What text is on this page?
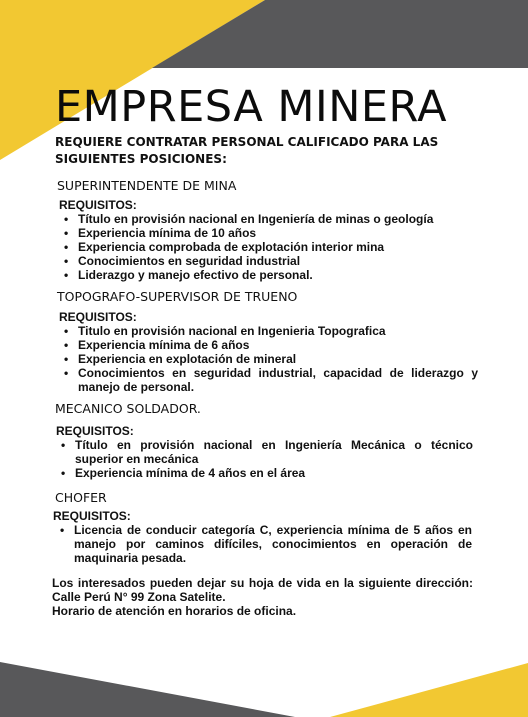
EMPRESA MINERA

REQUIERE CONTRATAR PERSONAL CALIFICADO PARA LAS SIGUIENTES POSICIONES:

SUPERINTENDENTE DE MINA
REQUISITOS:
• Título en provisión nacional en Ingeniería de minas o geología
• Experiencia mínima de 10 años
• Experiencia comprobada de explotación interior mina
• Conocimientos en seguridad industrial
• Liderazgo y manejo efectivo de personal.
TOPOGRAFO-SUPERVISOR DE TRUENO
REQUISITOS:
• Titulo en provisión nacional en Ingenieria Topografica
• Experiencia mínima de 6 años
• Experiencia en explotación de mineral
• Conocimientos en seguridad industrial, capacidad de liderazgo y manejo de personal.
MECANICO SOLDADOR.
REQUISITOS:
• Título en provisión nacional en Ingeniería Mecánica o técnico superior en mecánica
• Experiencia mínima de 4 años en el área
CHOFER
REQUISITOS:
• Licencia de conducir categoría C, experiencia mínima de 5 años en manejo por caminos difíciles, conocimientos en operación de maquinaria pesada.

Los interesados pueden dejar su hoja de vida en la siguiente dirección: Calle Perú N° 99 Zona Satelite.

Horario de atención en horarios de oficina.
